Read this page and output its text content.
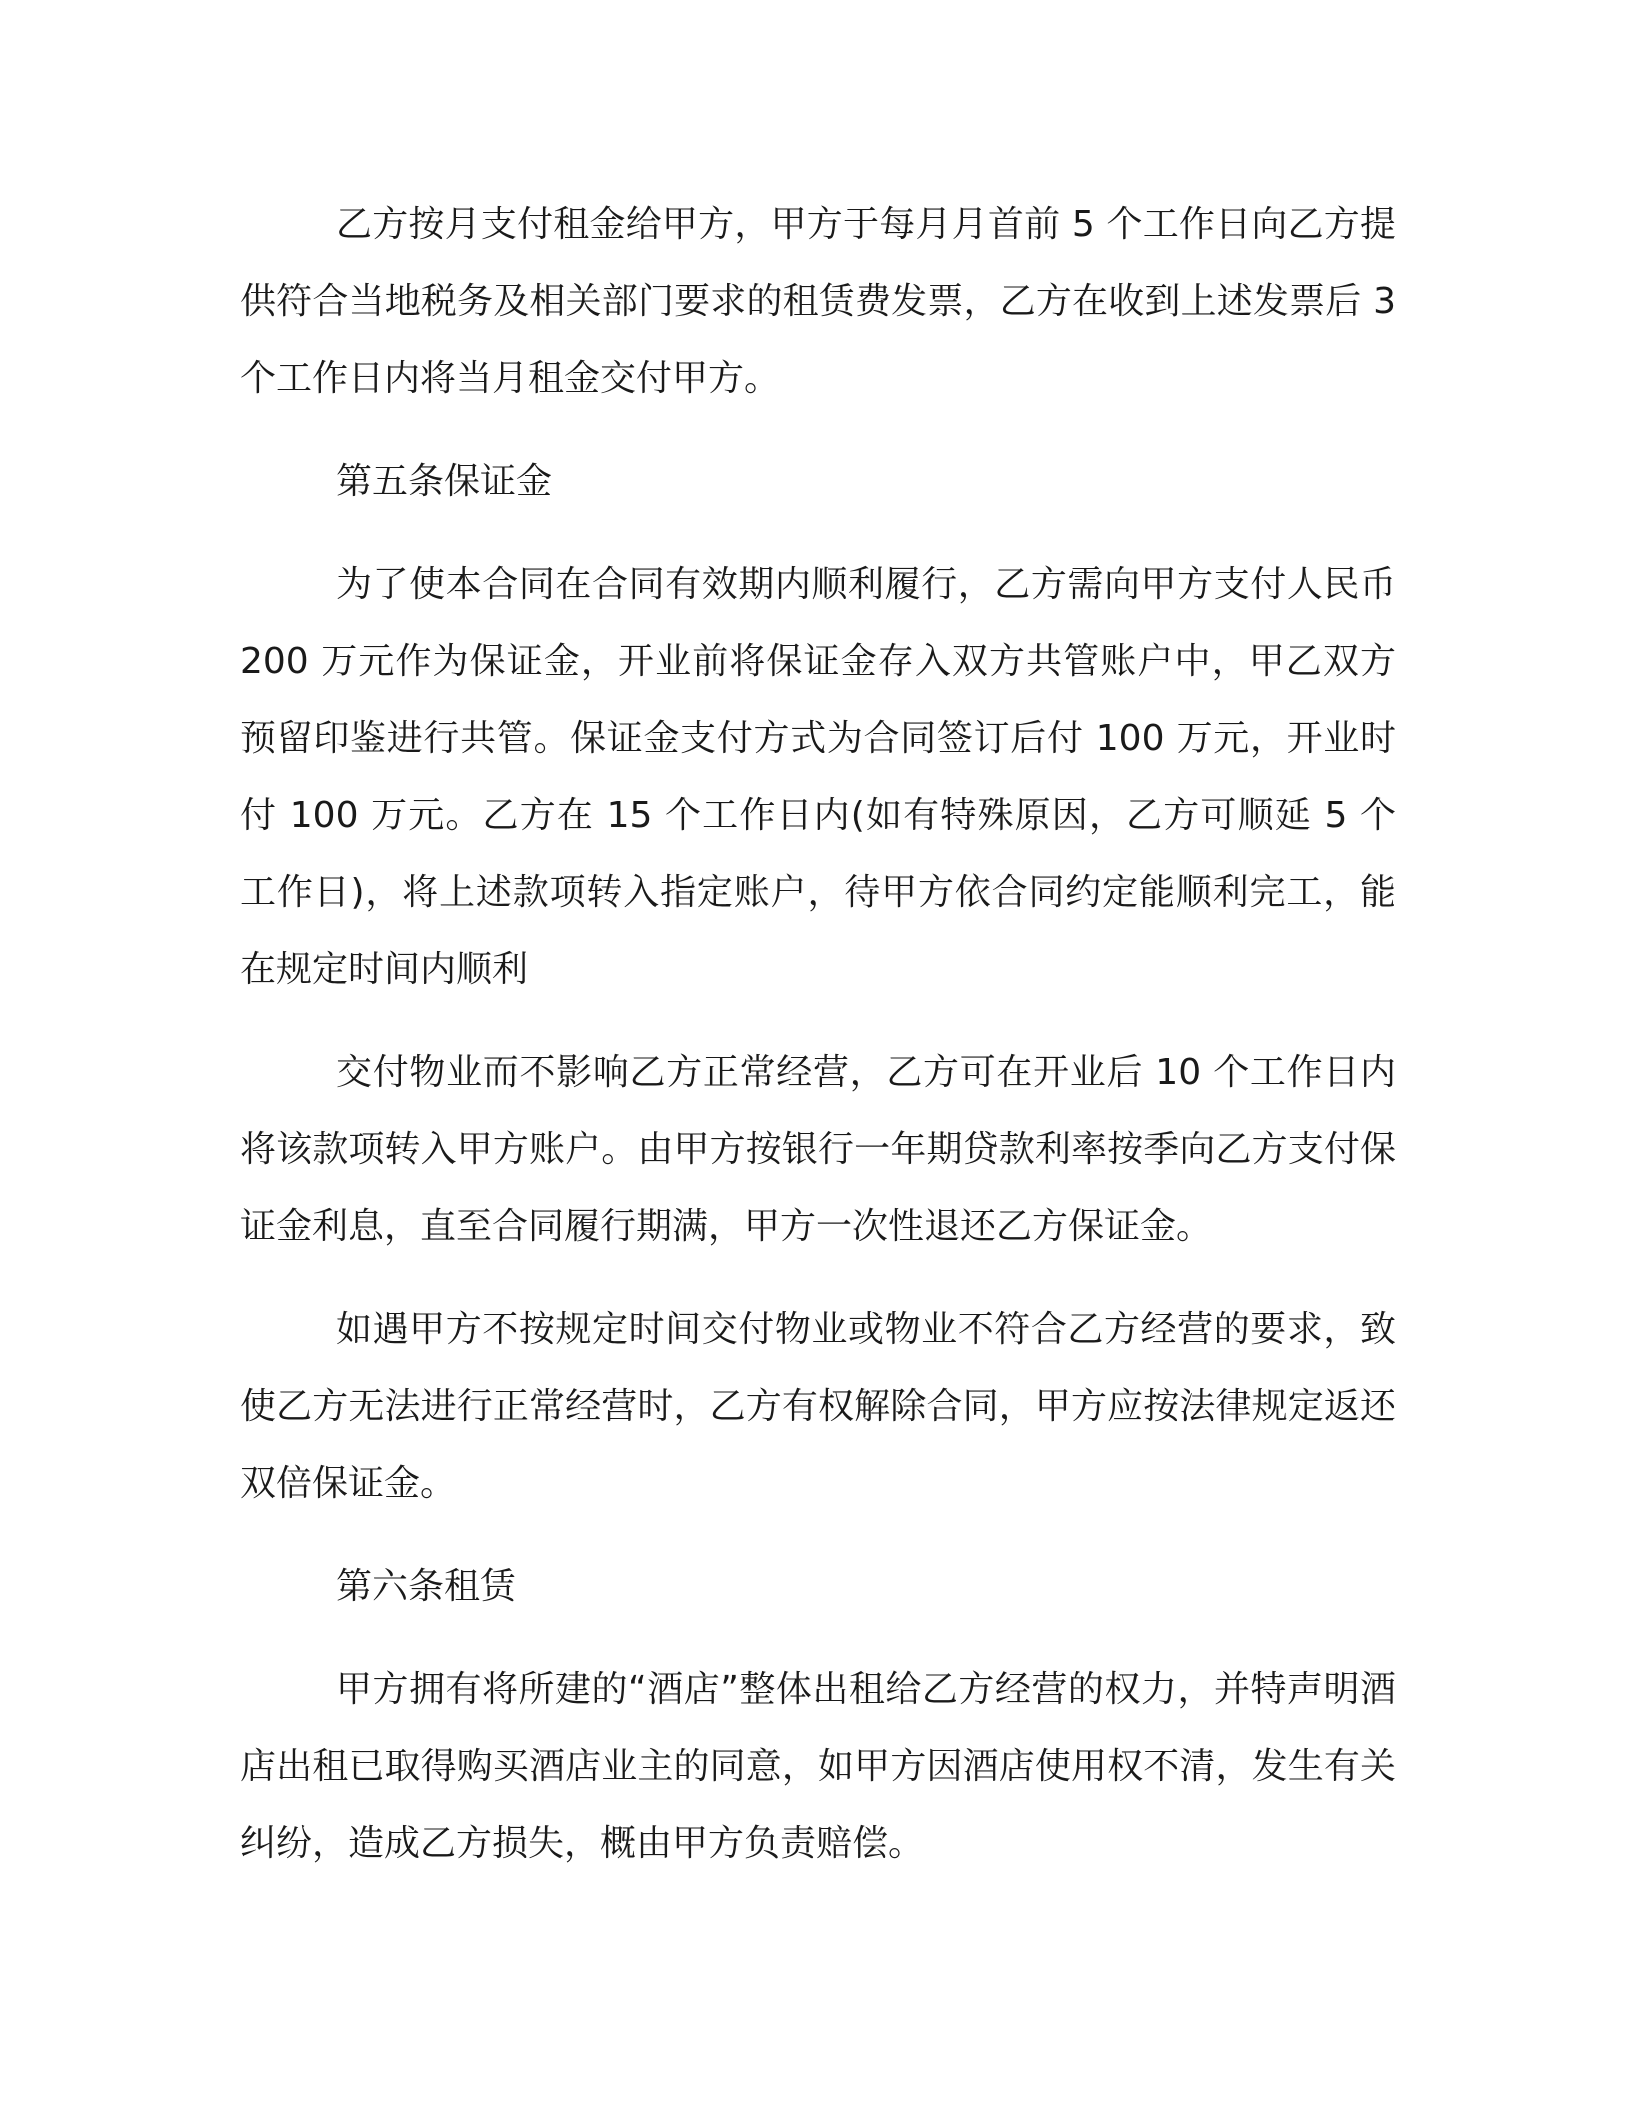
乙方按月支付租金给甲方，甲方于每月月首前 5 个工作日向乙方提供符合当地税务及相关部门要求的租赁费发票，乙方在收到上述发票后 3 个工作日内将当月租金交付甲方。

第五条保证金

为了使本合同在合同有效期内顺利履行，乙方需向甲方支付人民币 200 万元作为保证金，开业前将保证金存入双方共管账户中，甲乙双方预留印鉴进行共管。保证金支付方式为合同签订后付 100 万元，开业时付 100 万元。乙方在 15 个工作日内(如有特殊原因，乙方可顺延 5 个工作日)，将上述款项转入指定账户，待甲方依合同约定能顺利完工，能在规定时间内顺利

交付物业而不影响乙方正常经营，乙方可在开业后 10 个工作日内将该款项转入甲方账户。由甲方按银行一年期贷款利率按季向乙方支付保证金利息，直至合同履行期满，甲方一次性退还乙方保证金。

如遇甲方不按规定时间交付物业或物业不符合乙方经营的要求，致使乙方无法进行正常经营时，乙方有权解除合同，甲方应按法律规定返还双倍保证金。

第六条租赁

甲方拥有将所建的“酒店”整体出租给乙方经营的权力，并特声明酒店出租已取得购买酒店业主的同意，如甲方因酒店使用权不清，发生有关纠纷，造成乙方损失，概由甲方负责赔偿。
